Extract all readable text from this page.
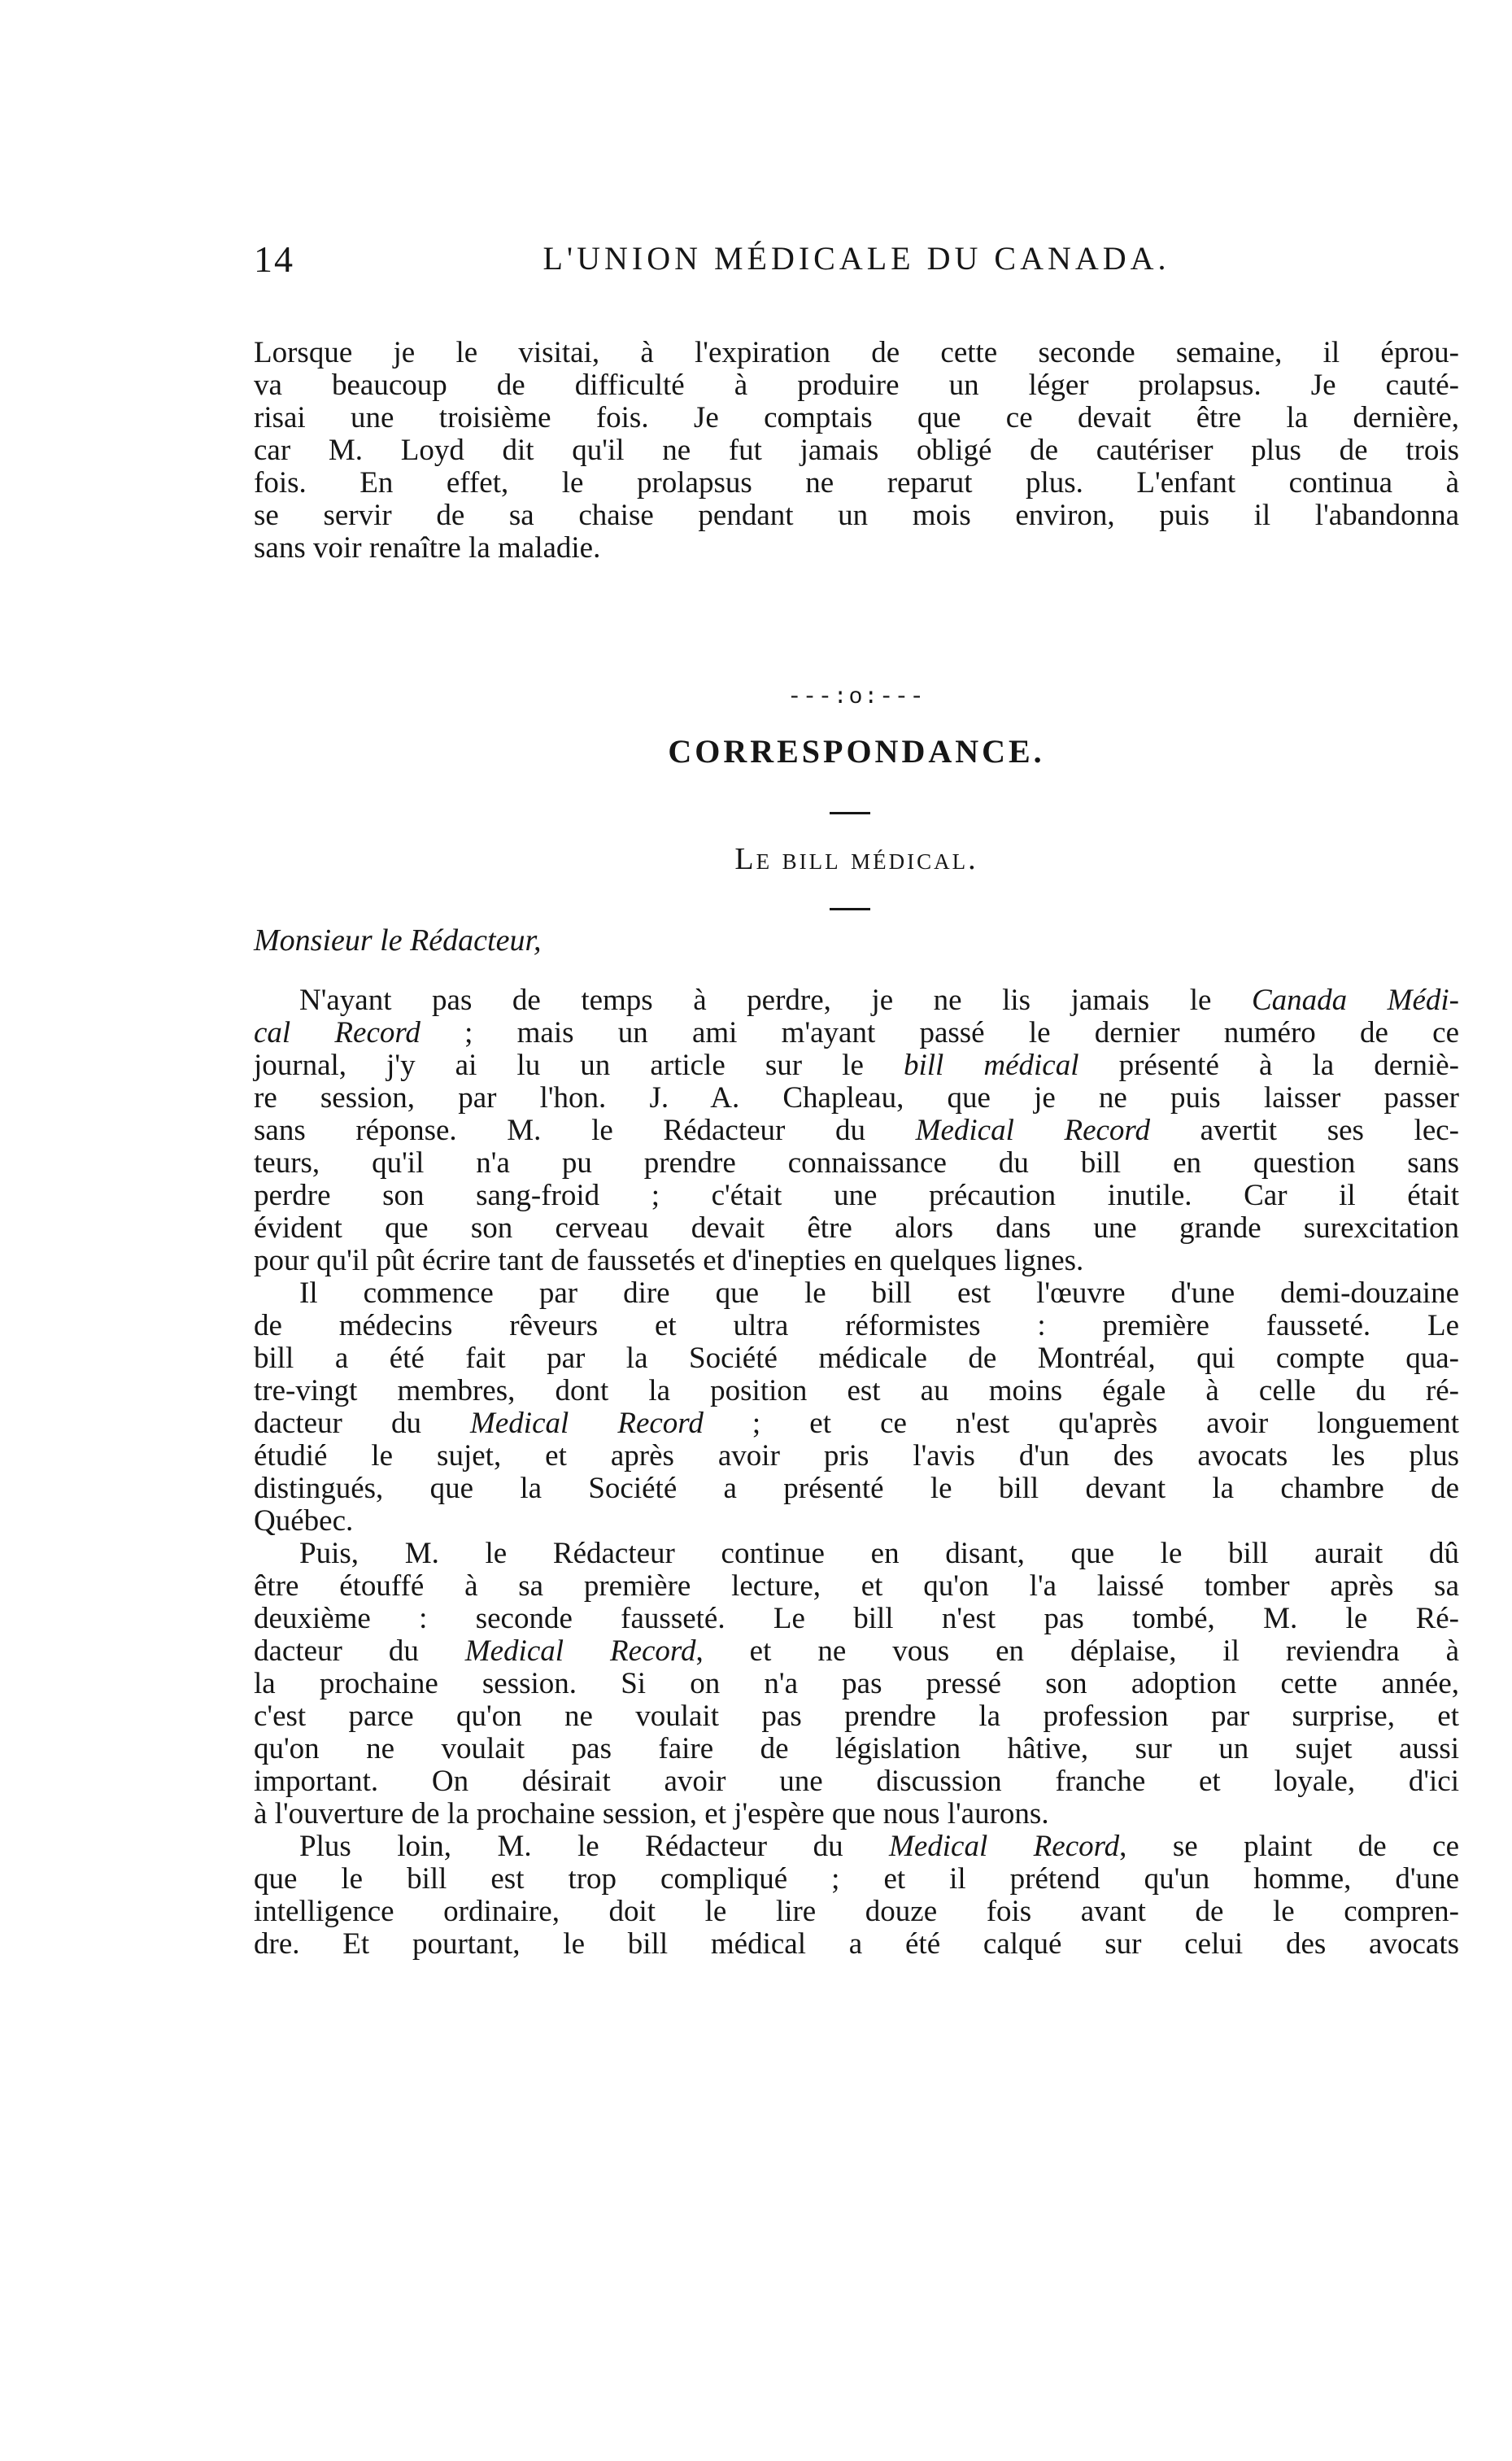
14	L'UNION MÉDICALE DU CANADA.
Lorsque je le visitai, à l'expiration de cette seconde semaine, il éprou-
va beaucoup de difficulté à produire un léger prolapsus. Je cauté-
risai une troisième fois. Je comptais que ce devait être la dernière,
car M. Loyd dit qu'il ne fut jamais obligé de cautériser plus de trois
fois. En effet, le prolapsus ne reparut plus. L'enfant continua à
se servir de sa chaise pendant un mois environ, puis il l'abandonna
sans voir renaître la maladie.
---:o:---
CORRESPONDANCE.
Le bill médical.
Monsieur le Rédacteur,
N'ayant pas de temps à perdre, je ne lis jamais le Canada Médi-
cal Record ; mais un ami m'ayant passé le dernier numéro de ce
journal, j'y ai lu un article sur le bill médical présenté à la derniè-
re session, par l'hon. J. A. Chapleau, que je ne puis laisser passer
sans réponse. M. le Rédacteur du Medical Record avertit ses lec-
teurs, qu'il n'a pu prendre connaissance du bill en question sans
perdre son sang-froid ; c'était une précaution inutile. Car il était
évident que son cerveau devait être alors dans une grande surexcitation
pour qu'il pût écrire tant de faussetés et d'inepties en quelques lignes.
Il commence par dire que le bill est l'œuvre d'une demi-douzaine
de médecins rêveurs et ultra réformistes : première fausseté. Le
bill a été fait par la Société médicale de Montréal, qui compte qua-
tre-vingt membres, dont la position est au moins égale à celle du ré-
dacteur du Medical Record ; et ce n'est qu'après avoir longuement
étudié le sujet, et après avoir pris l'avis d'un des avocats les plus
distingués, que la Société a présenté le bill devant la chambre de
Québec.
Puis, M. le Rédacteur continue en disant, que le bill aurait dû
être étouffé à sa première lecture, et qu'on l'a laissé tomber après sa
deuxième : seconde fausseté. Le bill n'est pas tombé, M. le Ré-
dacteur du Medical Record, et ne vous en déplaise, il reviendra à
la prochaine session. Si on n'a pas pressé son adoption cette année,
c'est parce qu'on ne voulait pas prendre la profession par surprise, et
qu'on ne voulait pas faire de législation hâtive, sur un sujet aussi
important. On désirait avoir une discussion franche et loyale, d'ici
à l'ouverture de la prochaine session, et j'espère que nous l'aurons.
Plus loin, M. le Rédacteur du Medical Record, se plaint de ce
que le bill est trop compliqué ; et il prétend qu'un homme, d'une
intelligence ordinaire, doit le lire douze fois avant de le compren-
dre. Et pourtant, le bill médical a été calqué sur celui des avocats
